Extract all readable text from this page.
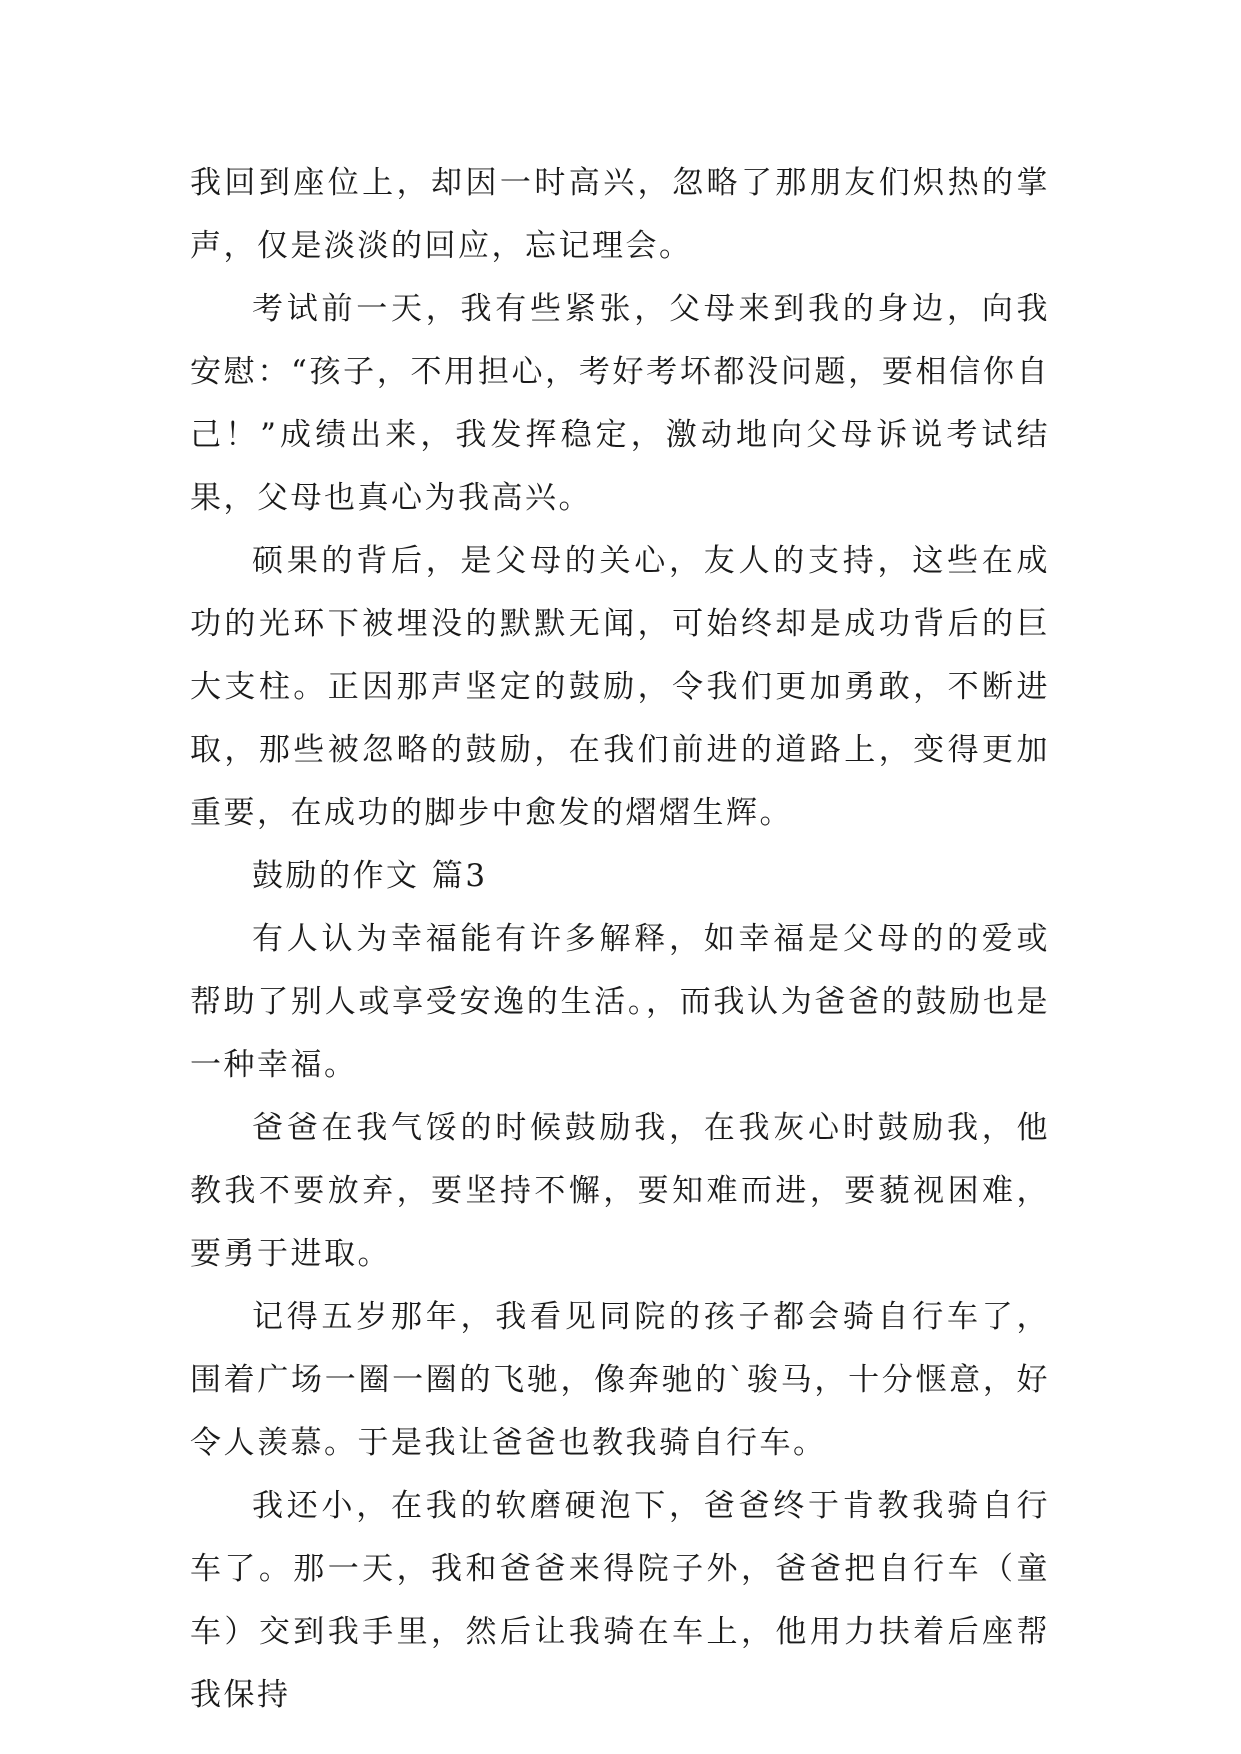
我回到座位上，却因一时高兴，忽略了那朋友们炽热的掌声，仅是淡淡的回应，忘记理会。

考试前一天，我有些紧张，父母来到我的身边，向我安慰：“孩子，不用担心，考好考坏都没问题，要相信你自己！”成绩出来，我发挥稳定，激动地向父母诉说考试结果，父母也真心为我高兴。

硕果的背后，是父母的关心，友人的支持，这些在成功的光环下被埋没的默默无闻，可始终却是成功背后的巨大支柱。正因那声坚定的鼓励，令我们更加勇敢，不断进取，那些被忽略的鼓励，在我们前进的道路上，变得更加重要，在成功的脚步中愈发的熠熠生辉。

鼓励的作文 篇3

有人认为幸福能有许多解释，如幸福是父母的的爱或帮助了别人或享受安逸的生活。，而我认为爸爸的鼓励也是一种幸福。

爸爸在我气馁的时候鼓励我，在我灰心时鼓励我，他教我不要放弃，要坚持不懈，要知难而进，要藐视困难，要勇于进取。

记得五岁那年，我看见同院的孩子都会骑自行车了，围着广场一圈一圈的飞驰，像奔驰的`骏马，十分惬意，好令人羡慕。于是我让爸爸也教我骑自行车。

我还小，在我的软磨硬泡下，爸爸终于肯教我骑自行车了。那一天，我和爸爸来得院子外，爸爸把自行车（童车）交到我手里，然后让我骑在车上，他用力扶着后座帮我保持
